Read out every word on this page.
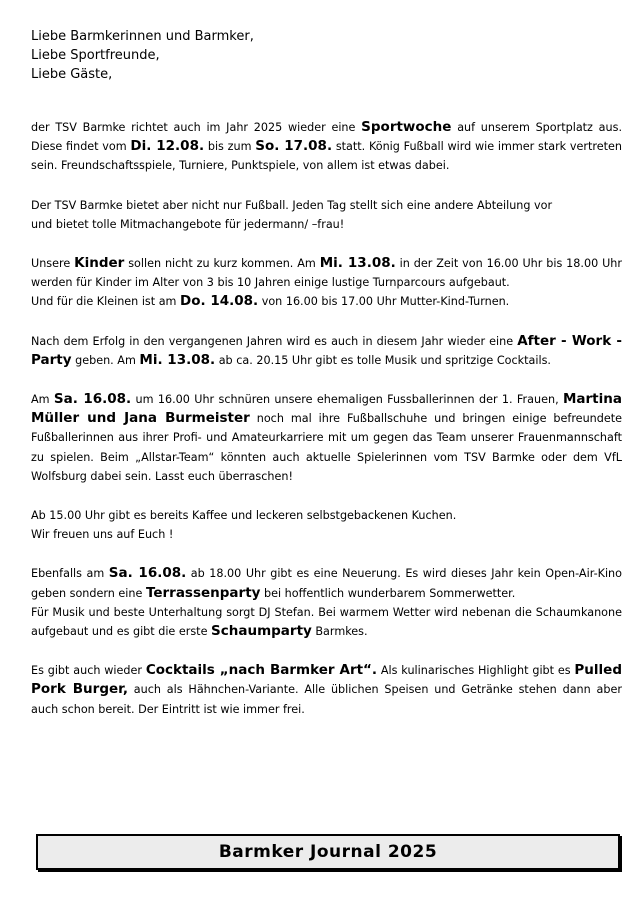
Liebe Barmkerinnen und Barmker,

Liebe Sportfreunde,

Liebe Gäste,

der TSV Barmke richtet auch im Jahr 2025 wieder eine Sportwoche auf unserem Sportplatz aus. Diese findet vom Di. 12.08. bis zum So. 17.08. statt. König Fußball wird wie immer stark vertreten sein. Freundschaftsspiele, Turniere, Punktspiele, von allem ist etwas dabei.

Der TSV Barmke bietet aber nicht nur Fußball. Jeden Tag stellt sich eine andere Abteilung vor
und bietet tolle Mitmachangebote für jedermann/ –frau!

Unsere Kinder sollen nicht zu kurz kommen. Am Mi. 13.08. in der Zeit von 16.00 Uhr bis 18.00 Uhr werden für Kinder im Alter von 3 bis 10 Jahren einige lustige Turnparcours aufgebaut.
Und für die Kleinen ist am Do. 14.08. von 16.00 bis 17.00 Uhr Mutter-Kind-Turnen.

Nach dem Erfolg in den vergangenen Jahren wird es auch in diesem Jahr wieder eine After - Work - Party geben. Am Mi. 13.08. ab ca. 20.15 Uhr gibt es tolle Musik und spritzige Cocktails.

Am Sa. 16.08. um 16.00 Uhr schnüren unsere ehemaligen Fussballerinnen der 1. Frauen, Martina Müller und Jana Burmeister noch mal ihre Fußballschuhe und bringen einige befreundete Fußballerinnen aus ihrer Profi- und Amateurkarriere mit um gegen das Team unserer Frauenmannschaft zu spielen. Beim „Allstar-Team“ könnten auch aktuelle Spielerinnen vom TSV Barmke oder dem VfL Wolfsburg dabei sein. Lasst euch überraschen!

Ab 15.00 Uhr gibt es bereits Kaffee und leckeren selbstgebackenen Kuchen.
Wir freuen uns auf Euch !

Ebenfalls am Sa. 16.08. ab 18.00 Uhr gibt es eine Neuerung. Es wird dieses Jahr kein Open-Air-Kino geben sondern eine Terrassenparty bei hoffentlich wunderbarem Sommerwetter.
Für Musik und beste Unterhaltung sorgt DJ Stefan. Bei warmem Wetter wird nebenan die Schaumkanone aufgebaut und es gibt die erste Schaumparty Barmkes.

Es gibt auch wieder Cocktails „nach Barmker Art“. Als kulinarisches Highlight gibt es Pulled Pork Burger, auch als Hähnchen-Variante. Alle üblichen Speisen und Getränke stehen dann aber auch schon bereit. Der Eintritt ist wie immer frei.

Barmker Journal 2025
